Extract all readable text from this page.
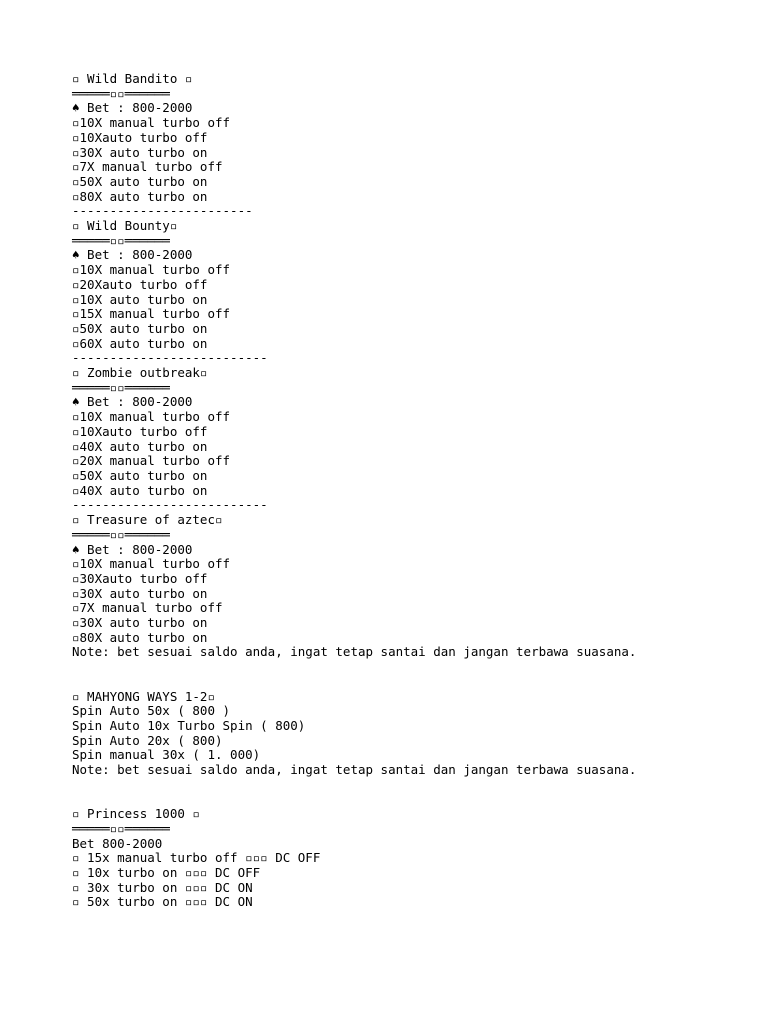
▫ Wild Bandito ▫
═════▫▫══════
♠ Bet : 800-2000
▫10X manual turbo off
▫10Xauto turbo off
▫30X auto turbo on
▫7X manual turbo off
▫50X auto turbo on
▫80X auto turbo on
------------------------
▫ Wild Bounty▫
═════▫▫══════
♠ Bet : 800-2000
▫10X manual turbo off
▫20Xauto turbo off
▫10X auto turbo on
▫15X manual turbo off
▫50X auto turbo on
▫60X auto turbo on
--------------------------
▫ Zombie outbreak▫
═════▫▫══════
♠ Bet : 800-2000
▫10X manual turbo off
▫10Xauto turbo off
▫40X auto turbo on
▫20X manual turbo off
▫50X auto turbo on
▫40X auto turbo on
--------------------------
▫ Treasure of aztec▫
═════▫▫══════
♠ Bet : 800-2000
▫10X manual turbo off
▫30Xauto turbo off
▫30X auto turbo on
▫7X manual turbo off
▫30X auto turbo on
▫80X auto turbo on
Note: bet sesuai saldo anda, ingat tetap santai dan jangan terbawa suasana.
▫ MAHYONG WAYS 1-2▫
Spin Auto 50x ( 800 )
Spin Auto 10x Turbo Spin ( 800)
Spin Auto 20x ( 800)
Spin manual 30x ( 1. 000)
Note: bet sesuai saldo anda, ingat tetap santai dan jangan terbawa suasana.
▫ Princess 1000 ▫
═════▫▫══════
Bet 800-2000
▫ 15x manual turbo off ▫▫▫ DC OFF
▫ 10x turbo on ▫▫▫ DC OFF
▫ 30x turbo on ▫▫▫ DC ON
▫ 50x turbo on ▫▫▫ DC ON
